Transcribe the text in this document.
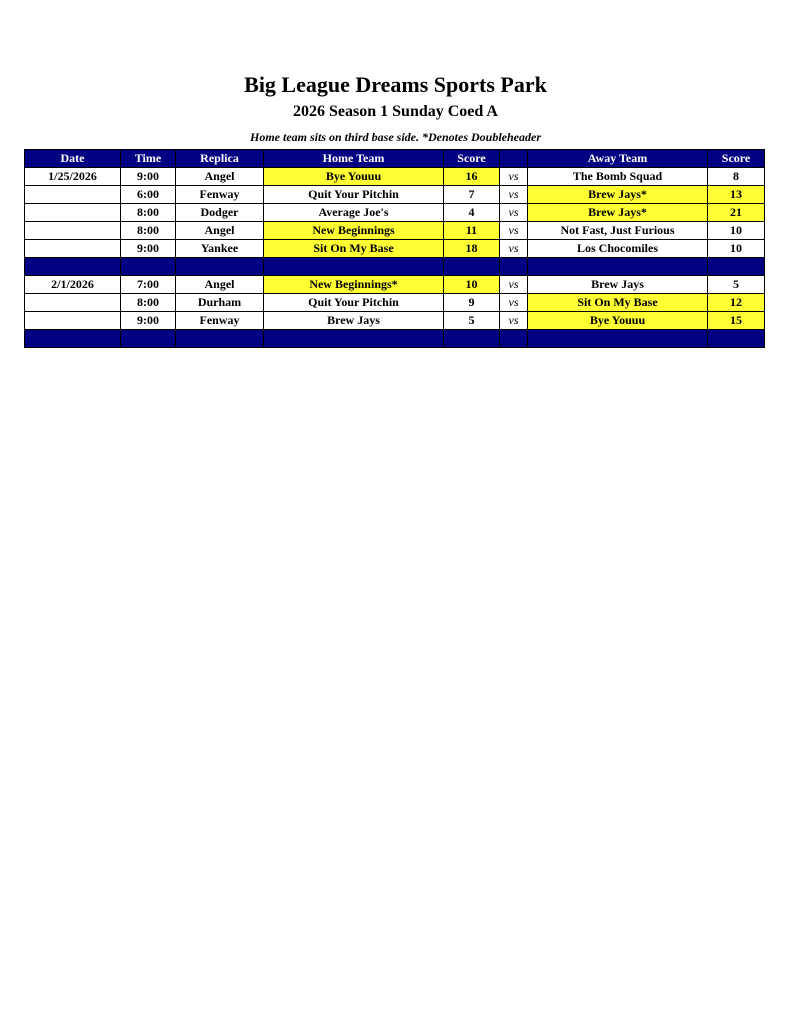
Big League Dreams Sports Park
2026 Season 1 Sunday Coed A
Home team sits on third base side. *Denotes Doubleheader
Date	Time	Replica	Home Team	Score		Away Team	Score
1/25/2026	9:00	Angel	Bye Youuu	16	vs	The Bomb Squad	8
	6:00	Fenway	Quit Your Pitchin	7	vs	Brew Jays*	13
	8:00	Dodger	Average Joe's	4	vs	Brew Jays*	21
	8:00	Angel	New Beginnings	11	vs	Not Fast, Just Furious	10
	9:00	Yankee	Sit On My Base	18	vs	Los Chocomiles	10

2/1/2026	7:00	Angel	New Beginnings*	10	vs	Brew Jays	5
	8:00	Durham	Quit Your Pitchin	9	vs	Sit On My Base	12
	9:00	Fenway	Brew Jays	5	vs	Bye Youuu	15
